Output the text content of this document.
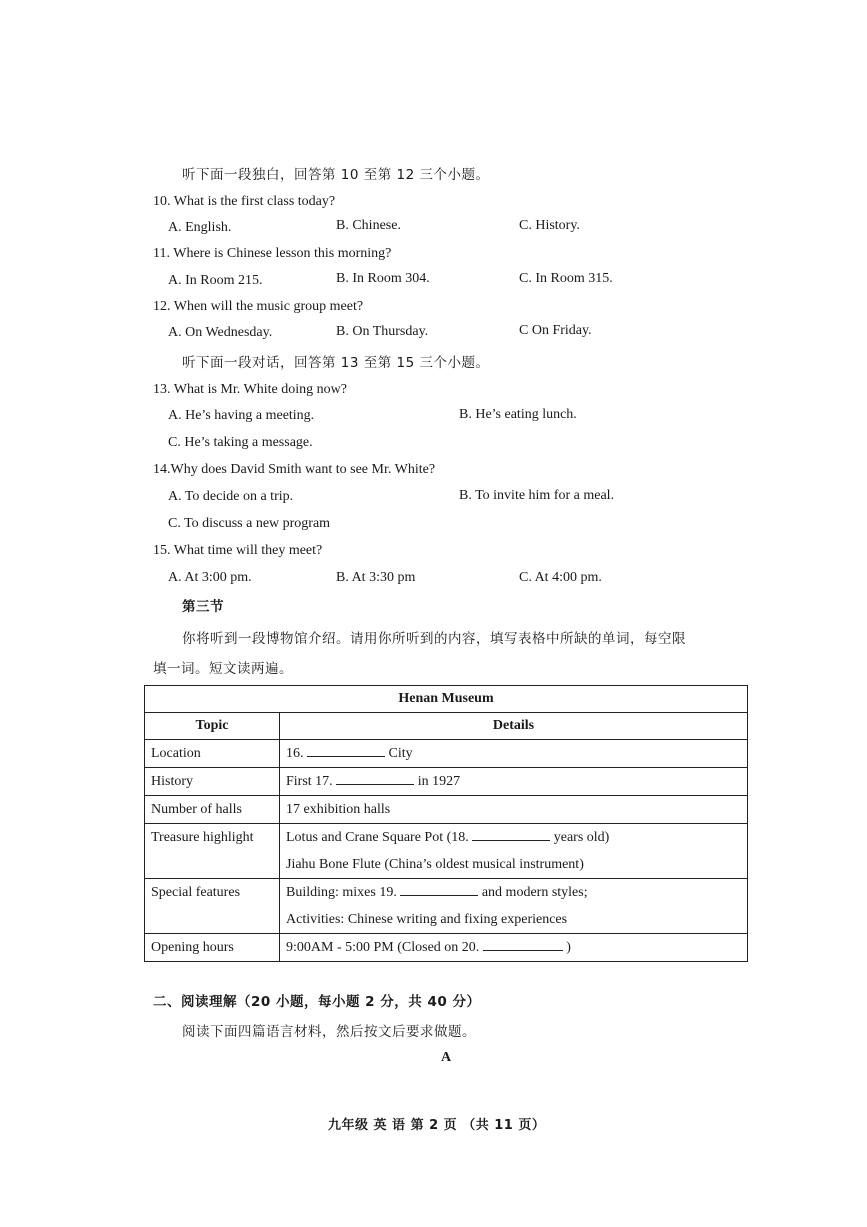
听下面一段独白，回答第 10 至第 12 三个小题。
10. What is the first class today?
A. English.	B. Chinese.	C. History.
11. Where is Chinese lesson this morning?
A. In Room 215.	B. In Room 304.	C. In Room 315.
12. When will the music group meet?
A. On Wednesday.	B. On Thursday.	C On Friday.
听下面一段对话，回答第 13 至第 15 三个小题。
13. What is Mr. White doing now?
A. He’s having a meeting.	B. He’s eating lunch.
C. He’s taking a message.
14.Why does David Smith want to see Mr. White?
A. To decide on a trip.	B. To invite him for a meal.
C. To discuss a new program
15. What time will they meet?
A. At 3:00 pm.	B. At 3:30 pm	C. At 4:00 pm.
第三节
你将听到一段博物馆介绍。请用你所听到的内容，填写表格中所缺的单词，每空限
填一词。短文读两遍。
Henan Museum	
Topic	Details
Location	16. City
History	First 17. in 1927
Number of halls	17 exhibition halls
Treasure highlight	Lotus and Crane Square Pot (18. years old)
Jiahu Bone Flute (China’s oldest musical instrument)

Special features	Building: mixes 19. and modern styles;
Activities: Chinese writing and fixing experiences

Opening hours	9:00AM - 5:00 PM (Closed on 20. )
二、阅读理解（20 小题，每小题 2 分，共 40 分）
阅读下面四篇语言材料，然后按文后要求做题。
A
九年级 英 语 第 2 页 （共 11 页）
